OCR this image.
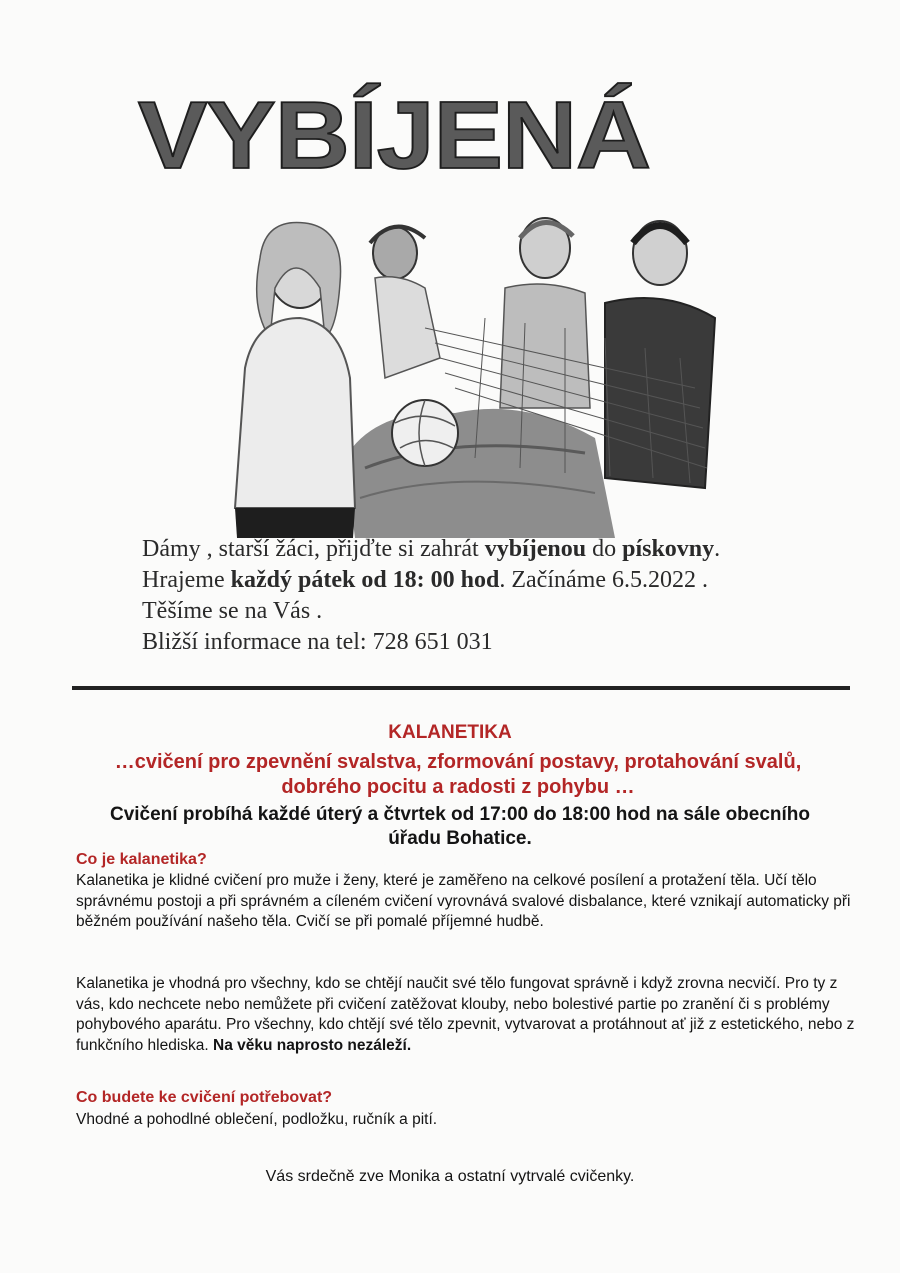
VYBÍJENÁ
Dámy , starší žáci, přijďte si zahrát vybíjenou do pískovny.
Hrajeme každý pátek od 18: 00 hod. Začínáme 6.5.2022 .
Těšíme se na Vás .
Bližší informace na tel: 728 651 031
KALANETIKA
…cvičení pro zpevnění svalstva, zformování postavy, protahování svalů, dobrého pocitu a radosti z pohybu …
Cvičení probíhá každé úterý a čtvrtek od 17:00 do 18:00 hod na sále obecního úřadu Bohatice.
Co je kalanetika?
Kalanetika je klidné cvičení pro muže i ženy, které je zaměřeno na celkové posílení a protažení těla. Učí tělo správnému postoji a při správném a cíleném cvičení vyrovnává svalové disbalance, které vznikají automaticky při běžném používání našeho těla. Cvičí se při pomalé příjemné hudbě.
Kalanetika je vhodná pro všechny, kdo se chtějí naučit své tělo fungovat správně i když zrovna necvičí. Pro ty z vás, kdo nechcete nebo nemůžete při cvičení zatěžovat klouby, nebo bolestivé partie po zranění či s problémy pohybového aparátu. Pro všechny, kdo chtějí své tělo zpevnit, vytvarovat a protáhnout ať již z estetického, nebo z funkčního hlediska. Na věku naprosto nezáleží.
Co budete ke cvičení potřebovat?
Vhodné a pohodlné oblečení, podložku, ručník a pití.
Vás srdečně zve Monika a ostatní vytrvalé cvičenky.
